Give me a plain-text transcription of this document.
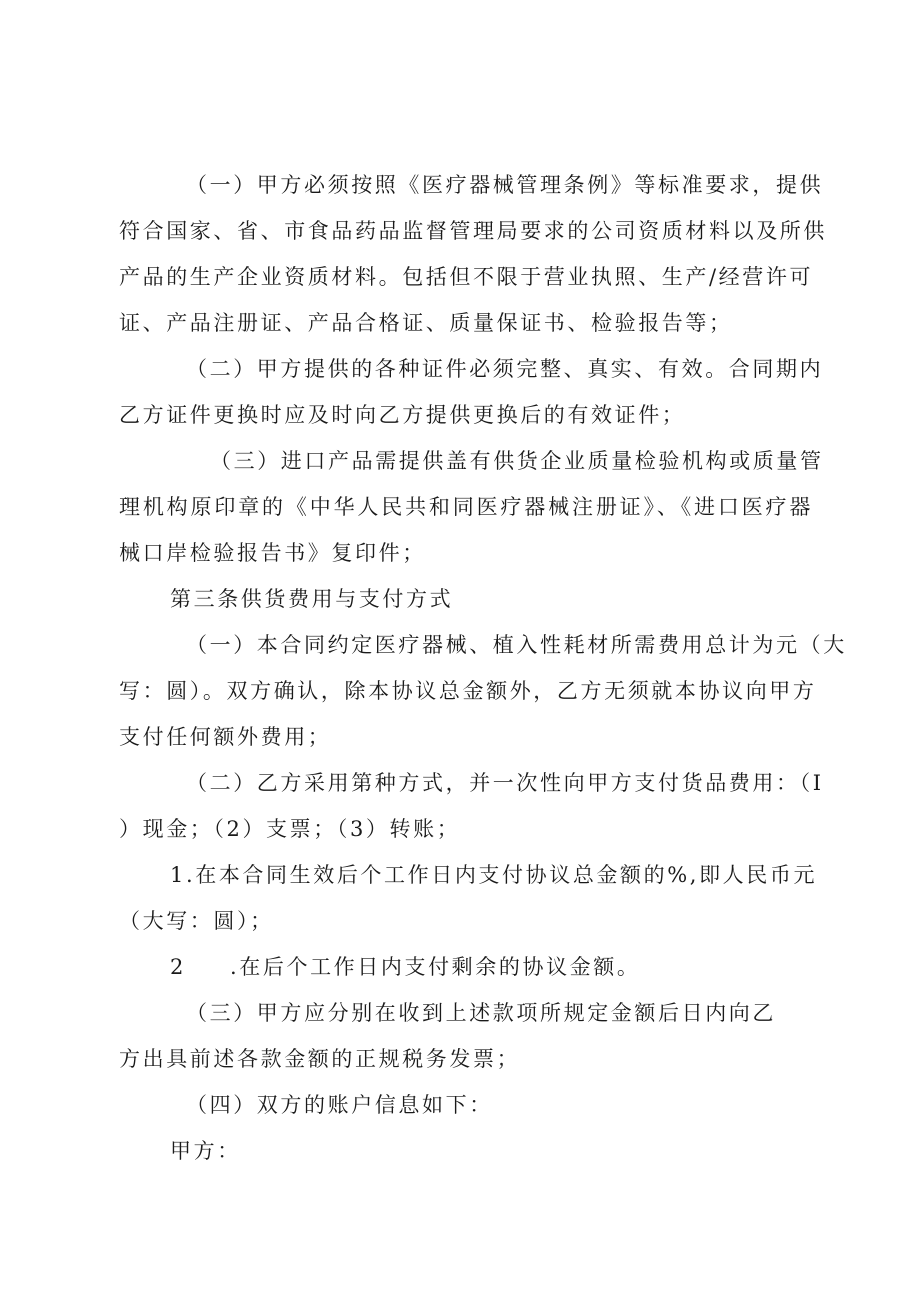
（一）甲方必须按照《医疗器械管理条例》等标准要求，提供
符合国家、省、市食品药品监督管理局要求的公司资质材料以及所供
产品的生产企业资质材料。包括但不限于营业执照、生产/经营许可
证、产品注册证、产品合格证、质量保证书、检验报告等；
（二）甲方提供的各种证件必须完整、真实、有效。合同期内
乙方证件更换时应及时向乙方提供更换后的有效证件；
（三）进口产品需提供盖有供货企业质量检验机构或质量管
理机构原印章的《中华人民共和同医疗器械注册证》、《进口医疗器
械口岸检验报告书》复印件；
第三条供货费用与支付方式
（一）本合同约定医疗器械、植入性耗材所需费用总计为元（大
写：圆）。双方确认，除本协议总金额外，乙方无须就本协议向甲方
支付任何额外费用；
（二）乙方采用第种方式，并一次性向甲方支付货品费用：（I
）现金；（2）支票；（3）转账；
1.在本合同生效后个工作日内支付协议总金额的%,即人民币元
（大写：圆）；
2	.在后个工作日内支付剩余的协议金额。
（三）甲方应分别在收到上述款项所规定金额后日内向乙
方出具前述各款金额的正规税务发票；
（四）双方的账户信息如下：
甲方：
